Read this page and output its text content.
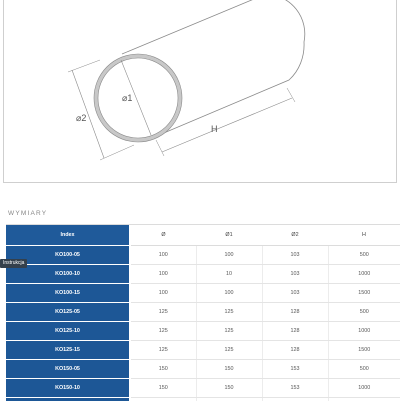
⌀1
⌀2
H
WYMIARY
Index	Ø	Ø1	Ø2	H
KO100-05	100	100	103	500
KO100-10	100	10	103	1000
KO100-15	100	100	103	1500
KO125-05	125	125	128	500
KO125-10	125	125	128	1000
KO125-15	125	125	128	1500
KO150-05	150	150	153	500
KO150-10	150	150	153	1000

Instrukcja
